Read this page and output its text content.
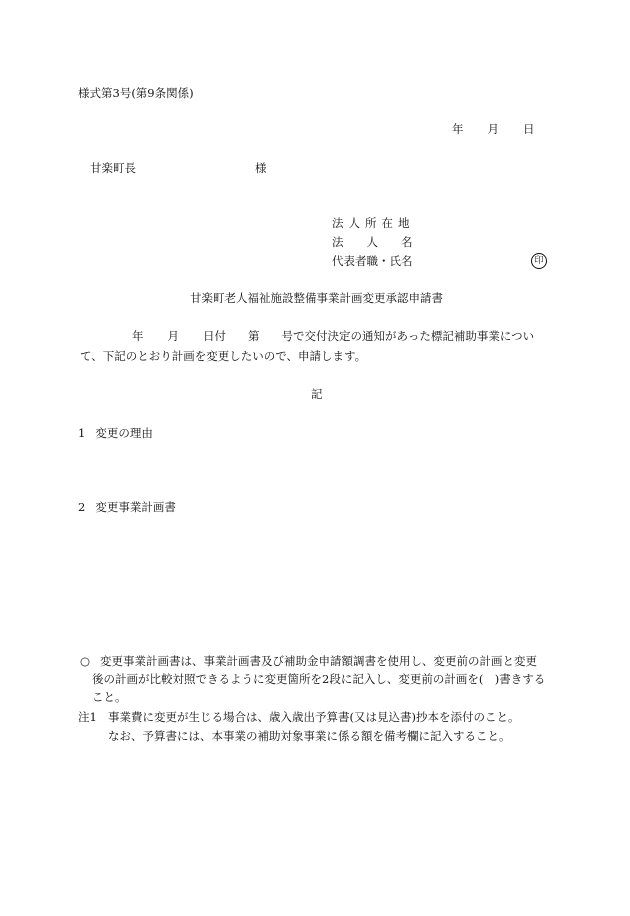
様式第3号(第9条関係)
年 月 日
甘楽町長	様
法人所在地
法　　人　　名
代表者職・氏名	印
甘楽町老人福祉施設整備事業計画変更承認申請書
年 月 日付 第 号で交付決定の通知があった標記補助事業につい
て、下記のとおり計画を変更したいので、申請します。
記
1 変更の理由
2 変更事業計画書
○ 変更事業計画書は、事業計画書及び補助金申請額調書を使用し、変更前の計画と変更
後の計画が比較対照できるように変更箇所を2段に記入し、変更前の計画を(　)書きする
こと。
注1 事業費に変更が生じる場合は、歳入歳出予算書(又は見込書)抄本を添付のこと。
なお、予算書には、本事業の補助対象事業に係る額を備考欄に記入すること。
